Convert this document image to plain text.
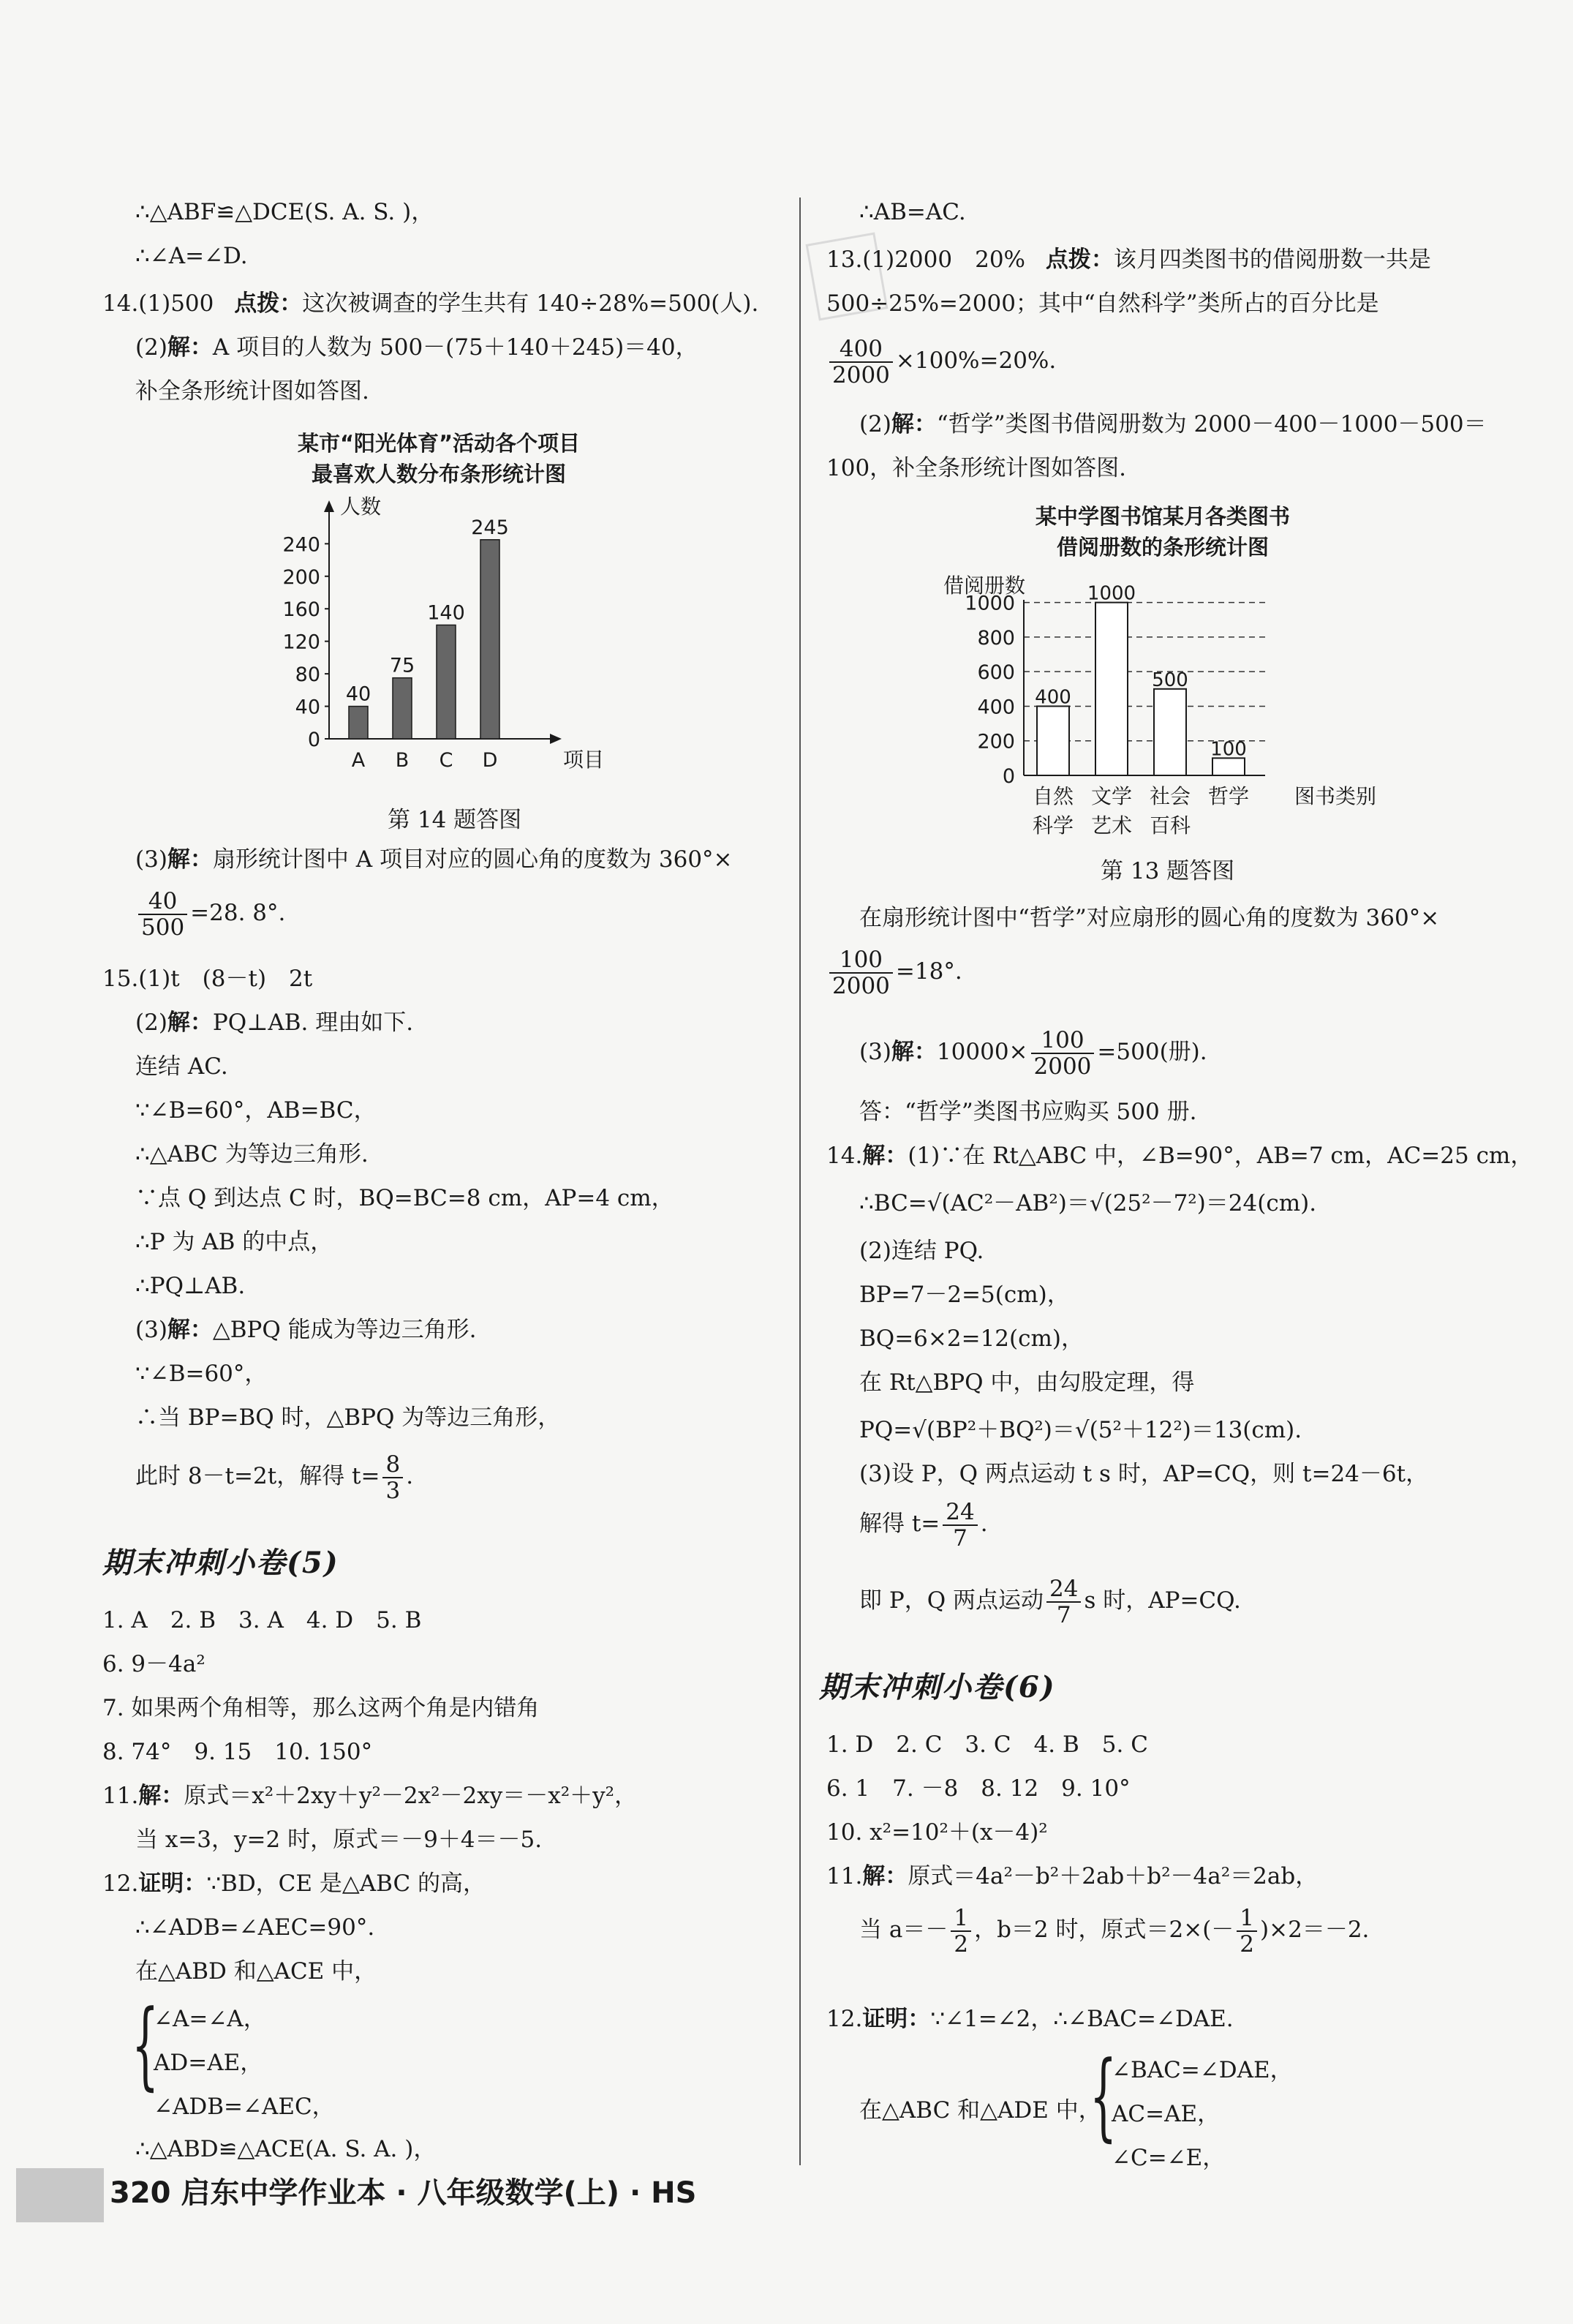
∴△ABF≌△DCE(S. A. S. )，
∴∠A=∠D.
14.(1)500 点拨：这次被调查的学生共有 140÷28%=500(人).
(2)解：A 项目的人数为 500－(75＋140＋245)＝40，
补全条形统计图如答图.
某市“阳光体育”活动各个项目
最喜欢人数分布条形统计图
人数
项目
0
40
80
120
160
200
240
40
A
75
B
140
C
245
D
第 14 题答图
(3)解：扇形统计图中 A 项目对应的圆心角的度数为 360°×
$\frac{40}{500} =28$. 8°.
15.(1)t　(8－t)　2t
(2)解：PQ⊥AB. 理由如下.
连结 AC.
∵∠B=60°，AB=BC，
∴△ABC 为等边三角形.
∵点 Q 到达点 C 时，BQ=BC=8 cm，AP=4 cm，
∴P 为 AB 的中点，
∴PQ⊥AB.
(3)解：△BPQ 能成为等边三角形.
∵∠B=60°，
∴当 BP=BQ 时，△BPQ 为等边三角形，
此时 8－t=2t，解得 $t= \frac{8}{3}$ .
期末冲刺小卷(5)
1. A　2. B　3. A　4. D　5. B
6. 9－4a²
7. 如果两个角相等，那么这两个角是内错角
8. 74°　9. 15　10. 150°
11.解：原式＝x²＋2xy＋y²－2x²－2xy＝－x²＋y²，
当 x=3，y=2 时，原式＝－9＋4＝－5.
12.证明：∵BD，CE 是△ABC 的高，
∴∠ADB=∠AEC=90°.
在△ABD 和△ACE 中，
{
∠A=∠A，
AD=AE，
∠ADB=∠AEC，
∴△ABD≌△ACE(A. S. A. )，
∴AB=AC.
13.(1)2000　20% 点拨：该月四类图书的借阅册数一共是
500÷25%=2000；其中“自然科学”类所占的百分比是
$\frac{400}{2000} \times 100\%=20\%$.
(2)解：“哲学”类图书借阅册数为 2000－400－1000－500＝
100，补全条形统计图如答图.
某中学图书馆某月各类图书
借阅册数的条形统计图
借阅册数
0
200
400
600
800
1000
400
自然
科学
1000
文学
艺术
500
社会
百科
100
哲学 图书类别
第 13 题答图
在扇形统计图中“哲学”对应扇形的圆心角的度数为 360°×
$\frac{100}{2000} =18^\circ$.
(3)解：$10000\times \frac{100}{2000} =500$(册).
答：“哲学”类图书应购买 500 册.
14.解：(1)∵在 Rt△ABC 中，∠B=90°，AB=7 cm，AC=25 cm，
∴BC=√(AC²－AB²)＝√(25²－7²)＝24(cm).
(2)连结 PQ.
BP=7－2=5(cm)，
BQ=6×2=12(cm)，
在 Rt△BPQ 中，由勾股定理，得
PQ=√(BP²＋BQ²)＝√(5²＋12²)＝13(cm).
(3)设 P，Q 两点运动 t s 时，AP=CQ，则 t=24－6t，
解得 $t= \frac{24}{7}$ .
即 P，Q 两点运动 $\frac{24}{7}$ s 时，AP=CQ.
期末冲刺小卷(6)
1. D　2. C　3. C　4. B　5. C
6. 1　7. －8　8. 12　9. 10°
10. x²=10²＋(x－4)²
11.解：原式＝4a²－b²＋2ab＋b²－4a²＝2ab，
当 $a=- \frac{1}{2}$ ，b＝2 时，原式$=2\times(- \frac{1}{2} )\times 2=-2$.
12.证明：∵∠1=∠2，∴∠BAC=∠DAE.
在△ABC 和△ADE 中，
{
∠BAC=∠DAE，
AC=AE，
∠C=∠E，
320 启东中学作业本 · 八年级数学(上) · HS
